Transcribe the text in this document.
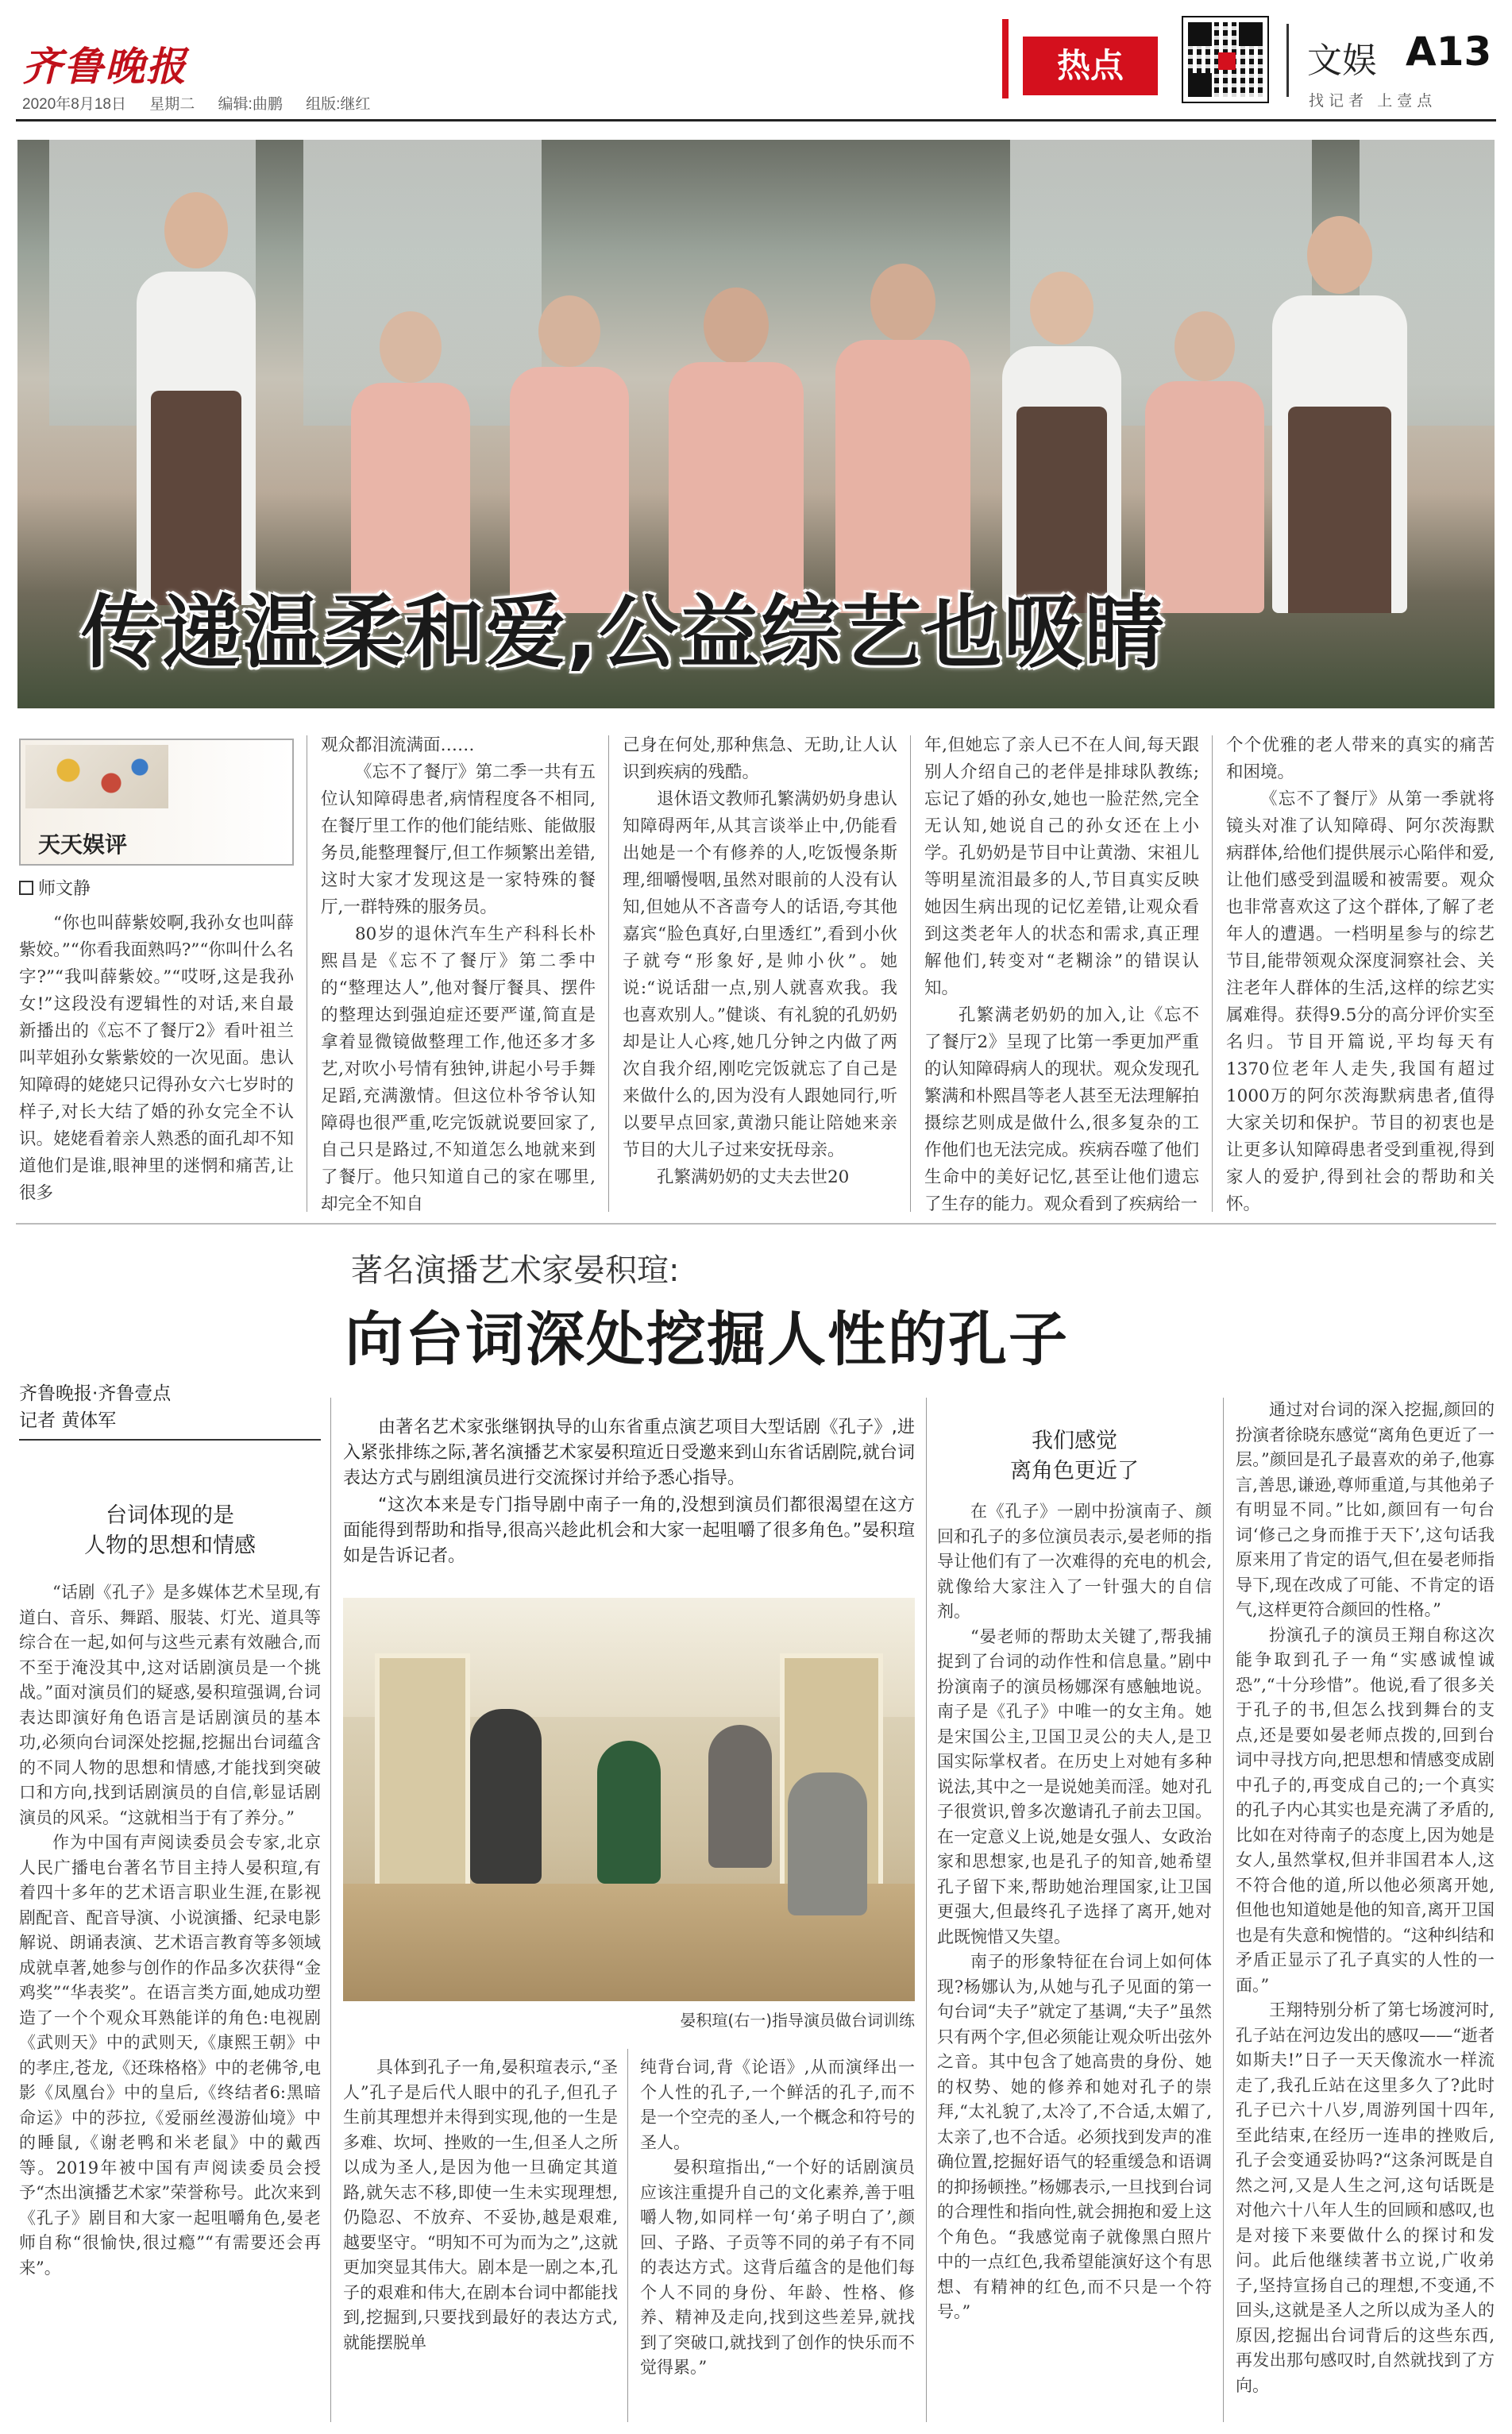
齐鲁晚报
2020年8月18日 星期二 编辑:曲鹏 组版:继红
热点	文娱 A13
找记者 上壹点
传递温柔和爱,公益综艺也吸睛
天天娱评
师文静

“你也叫薛紫姣啊,我孙女也叫薛紫姣。”“你看我面熟吗?”“你叫什么名字?”“我叫薛紫姣。”“哎呀,这是我孙女!”这段没有逻辑性的对话,来自最新播出的《忘不了餐厅2》看叶祖兰叫苹姐孙女紫紫姣的一次见面。患认知障碍的姥姥只记得孙女六七岁时的样子,对长大结了婚的孙女完全不认识。姥姥看着亲人熟悉的面孔却不知道他们是谁,眼神里的迷惘和痛苦,让很多

观众都泪流满面……

《忘不了餐厅》第二季一共有五位认知障碍患者,病情程度各不相同,在餐厅里工作的他们能结账、能做服务员,能整理餐厅,但工作频繁出差错,这时大家才发现这是一家特殊的餐厅,一群特殊的服务员。

80岁的退休汽车生产科科长朴熙昌是《忘不了餐厅》第二季中的“整理达人”,他对餐厅餐具、摆件的整理达到强迫症还要严谨,简直是拿着显微镜做整理工作,他还多才多艺,对吹小号情有独钟,讲起小号手舞足蹈,充满激情。但这位朴爷爷认知障碍也很严重,吃完饭就说要回家了,自己只是路过,不知道怎么地就来到了餐厅。他只知道自己的家在哪里,却完全不知自

己身在何处,那种焦急、无助,让人认识到疾病的残酷。

退休语文教师孔繁满奶奶身患认知障碍两年,从其言谈举止中,仍能看出她是一个有修养的人,吃饭慢条斯理,细嚼慢咽,虽然对眼前的人没有认知,但她从不吝啬夸人的话语,夸其他嘉宾“脸色真好,白里透红”,看到小伙子就夸“形象好,是帅小伙”。她说:“说话甜一点,别人就喜欢我。我也喜欢别人。”健谈、有礼貌的孔奶奶却是让人心疼,她几分钟之内做了两次自我介绍,刚吃完饭就忘了自己是来做什么的,因为没有人跟她同行,听以要早点回家,黄渤只能让陪她来亲节目的大儿子过来安抚母亲。

孔繁满奶奶的丈夫去世20

年,但她忘了亲人已不在人间,每天跟别人介绍自己的老伴是排球队教练;忘记了婚的孙女,她也一脸茫然,完全无认知,她说自己的孙女还在上小学。孔奶奶是节目中让黄渤、宋祖儿等明星流泪最多的人,节目真实反映她因生病出现的记忆差错,让观众看到这类老年人的状态和需求,真正理解他们,转变对“老糊涂”的错误认知。

孔繁满老奶奶的加入,让《忘不了餐厅2》呈现了比第一季更加严重的认知障碍病人的现状。观众发现孔繁满和朴熙昌等老人甚至无法理解拍摄综艺则成是做什么,很多复杂的工作他们也无法完成。疾病吞噬了他们生命中的美好记忆,甚至让他们遗忘了生存的能力。观众看到了疾病给一

个个优雅的老人带来的真实的痛苦和困境。

《忘不了餐厅》从第一季就将镜头对准了认知障碍、阿尔茨海默病群体,给他们提供展示心陷伴和爱,让他们感受到温暖和被需要。观众也非常喜欢这了这个群体,了解了老年人的遭遇。一档明星参与的综艺节目,能带领观众深度洞察社会、关注老年人群体的生活,这样的综艺实属难得。获得9.5分的高分评价实至名归。节目开篇说,平均每天有1370位老年人走失,我国有超过1000万的阿尔茨海默病患者,值得大家关切和保护。节目的初衷也是让更多认知障碍患者受到重视,得到家人的爱护,得到社会的帮助和关怀。

著名演播艺术家晏积瑄:
向台词深处挖掘人性的孔子
齐鲁晚报·齐鲁壹点
记者 黄体军
台词体现的是
人物的思想和情感

“话剧《孔子》是多媒体艺术呈现,有道白、音乐、舞蹈、服装、灯光、道具等综合在一起,如何与这些元素有效融合,而不至于淹没其中,这对话剧演员是一个挑战。”面对演员们的疑惑,晏积瑄强调,台词表达即演好角色语言是话剧演员的基本功,必须向台词深处挖掘,挖掘出台词蕴含的不同人物的思想和情感,才能找到突破口和方向,找到话剧演员的自信,彰显话剧演员的风采。“这就相当于有了养分。”

作为中国有声阅读委员会专家,北京人民广播电台著名节目主持人晏积瑄,有着四十多年的艺术语言职业生涯,在影视剧配音、配音导演、小说演播、纪录电影解说、朗诵表演、艺术语言教育等多领域成就卓著,她参与创作的作品多次获得“金鸡奖”“华表奖”。在语言类方面,她成功塑造了一个个观众耳熟能详的角色:电视剧《武则天》中的武则天,《康熙王朝》中的孝庄,苍龙,《还珠格格》中的老佛爷,电影《凤凰台》中的皇后,《终结者6:黑暗命运》中的莎拉,《爱丽丝漫游仙境》中的睡鼠,《谢老鸭和米老鼠》中的戴西等。2019年被中国有声阅读委员会授予“杰出演播艺术家”荣誉称号。此次来到《孔子》剧目和大家一起咀嚼角色,晏老师自称“很愉快,很过瘾”“有需要还会再来”。

由著名艺术家张继钢执导的山东省重点演艺项目大型话剧《孔子》,进入紧张排练之际,著名演播艺术家晏积瑄近日受邀来到山东省话剧院,就台词表达方式与剧组演员进行交流探讨并给予悉心指导。

“这次本来是专门指导剧中南子一角的,没想到演员们都很渴望在这方面能得到帮助和指导,很高兴趁此机会和大家一起咀嚼了很多角色。”晏积瑄如是告诉记者。

晏积瑄(右一)指导演员做台词训练

具体到孔子一角,晏积瑄表示,“圣人”孔子是后代人眼中的孔子,但孔子生前其理想并未得到实现,他的一生是多难、坎坷、挫败的一生,但圣人之所以成为圣人,是因为他一旦确定其道路,就矢志不移,即使一生未实现理想,仍隐忍、不放弃、不妥协,越是艰难,越要坚守。“明知不可为而为之”,这就更加突显其伟大。剧本是一剧之本,孔子的艰难和伟大,在剧本台词中都能找到,挖掘到,只要找到最好的表达方式,就能摆脱单

纯背台词,背《论语》,从而演绎出一个人性的孔子,一个鲜活的孔子,而不是一个空壳的圣人,一个概念和符号的圣人。

晏积瑄指出,“一个好的话剧演员应该注重提升自己的文化素养,善于咀嚼人物,如同样一句‘弟子明白了’,颜回、子路、子贡等不同的弟子有不同的表达方式。这背后蕴含的是他们每个人不同的身份、年龄、性格、修养、精神及走向,找到这些差异,就找到了突破口,就找到了创作的快乐而不觉得累。”

我们感觉
离角色更近了

在《孔子》一剧中扮演南子、颜回和孔子的多位演员表示,晏老师的指导让他们有了一次难得的充电的机会,就像给大家注入了一针强大的自信剂。

“晏老师的帮助太关键了,帮我捕捉到了台词的动作性和信息量。”剧中扮演南子的演员杨娜深有感触地说。南子是《孔子》中唯一的女主角。她是宋国公主,卫国卫灵公的夫人,是卫国实际掌权者。在历史上对她有多种说法,其中之一是说她美而淫。她对孔子很赏识,曾多次邀请孔子前去卫国。在一定意义上说,她是女强人、女政治家和思想家,也是孔子的知音,她希望孔子留下来,帮助她治理国家,让卫国更强大,但最终孔子选择了离开,她对此既惋惜又失望。

南子的形象特征在台词上如何体现?杨娜认为,从她与孔子见面的第一句台词“夫子”就定了基调,“夫子”虽然只有两个字,但必须能让观众听出弦外之音。其中包含了她高贵的身份、她的权势、她的修养和她对孔子的崇拜,“太礼貌了,太冷了,不合适,太媚了,太亲了,也不合适。必须找到发声的准确位置,挖掘好语气的轻重缓急和语调的抑扬顿挫。”杨娜表示,一旦找到台词的合理性和指向性,就会拥抱和爱上这个角色。“我感觉南子就像黑白照片中的一点红色,我希望能演好这个有思想、有精神的红色,而不只是一个符号。”

通过对台词的深入挖掘,颜回的扮演者徐晓东感觉“离角色更近了一层。”颜回是孔子最喜欢的弟子,他寡言,善思,谦逊,尊师重道,与其他弟子有明显不同。”比如,颜回有一句台词‘修己之身而推于天下’,这句话我原来用了肯定的语气,但在晏老师指导下,现在改成了可能、不肯定的语气,这样更符合颜回的性格。”

扮演孔子的演员王翔自称这次能争取到孔子一角“实感诚惶诚恐”,“十分珍惜”。他说,看了很多关于孔子的书,但怎么找到舞台的支点,还是要如晏老师点拨的,回到台词中寻找方向,把思想和情感变成剧中孔子的,再变成自己的;一个真实的孔子内心其实也是充满了矛盾的,比如在对待南子的态度上,因为她是女人,虽然掌权,但并非国君本人,这不符合他的道,所以他必须离开她,但他也知道她是他的知音,离开卫国也是有失意和惋惜的。“这种纠结和矛盾正显示了孔子真实的人性的一面。”

王翔特别分析了第七场渡河时,孔子站在河边发出的感叹——“逝者如斯夫!”日子一天天像流水一样流走了,我孔丘站在这里多久了?此时孔子已六十八岁,周游列国十四年,至此结束,在经历一连串的挫败后,孔子会变通妥协吗?“这条河既是自然之河,又是人生之河,这句话既是对他六十八年人生的回顾和感叹,也是对接下来要做什么的探讨和发问。此后他继续著书立说,广收弟子,坚持宣扬自己的理想,不变通,不回头,这就是圣人之所以成为圣人的原因,挖掘出台词背后的这些东西,再发出那句感叹时,自然就找到了方向。
